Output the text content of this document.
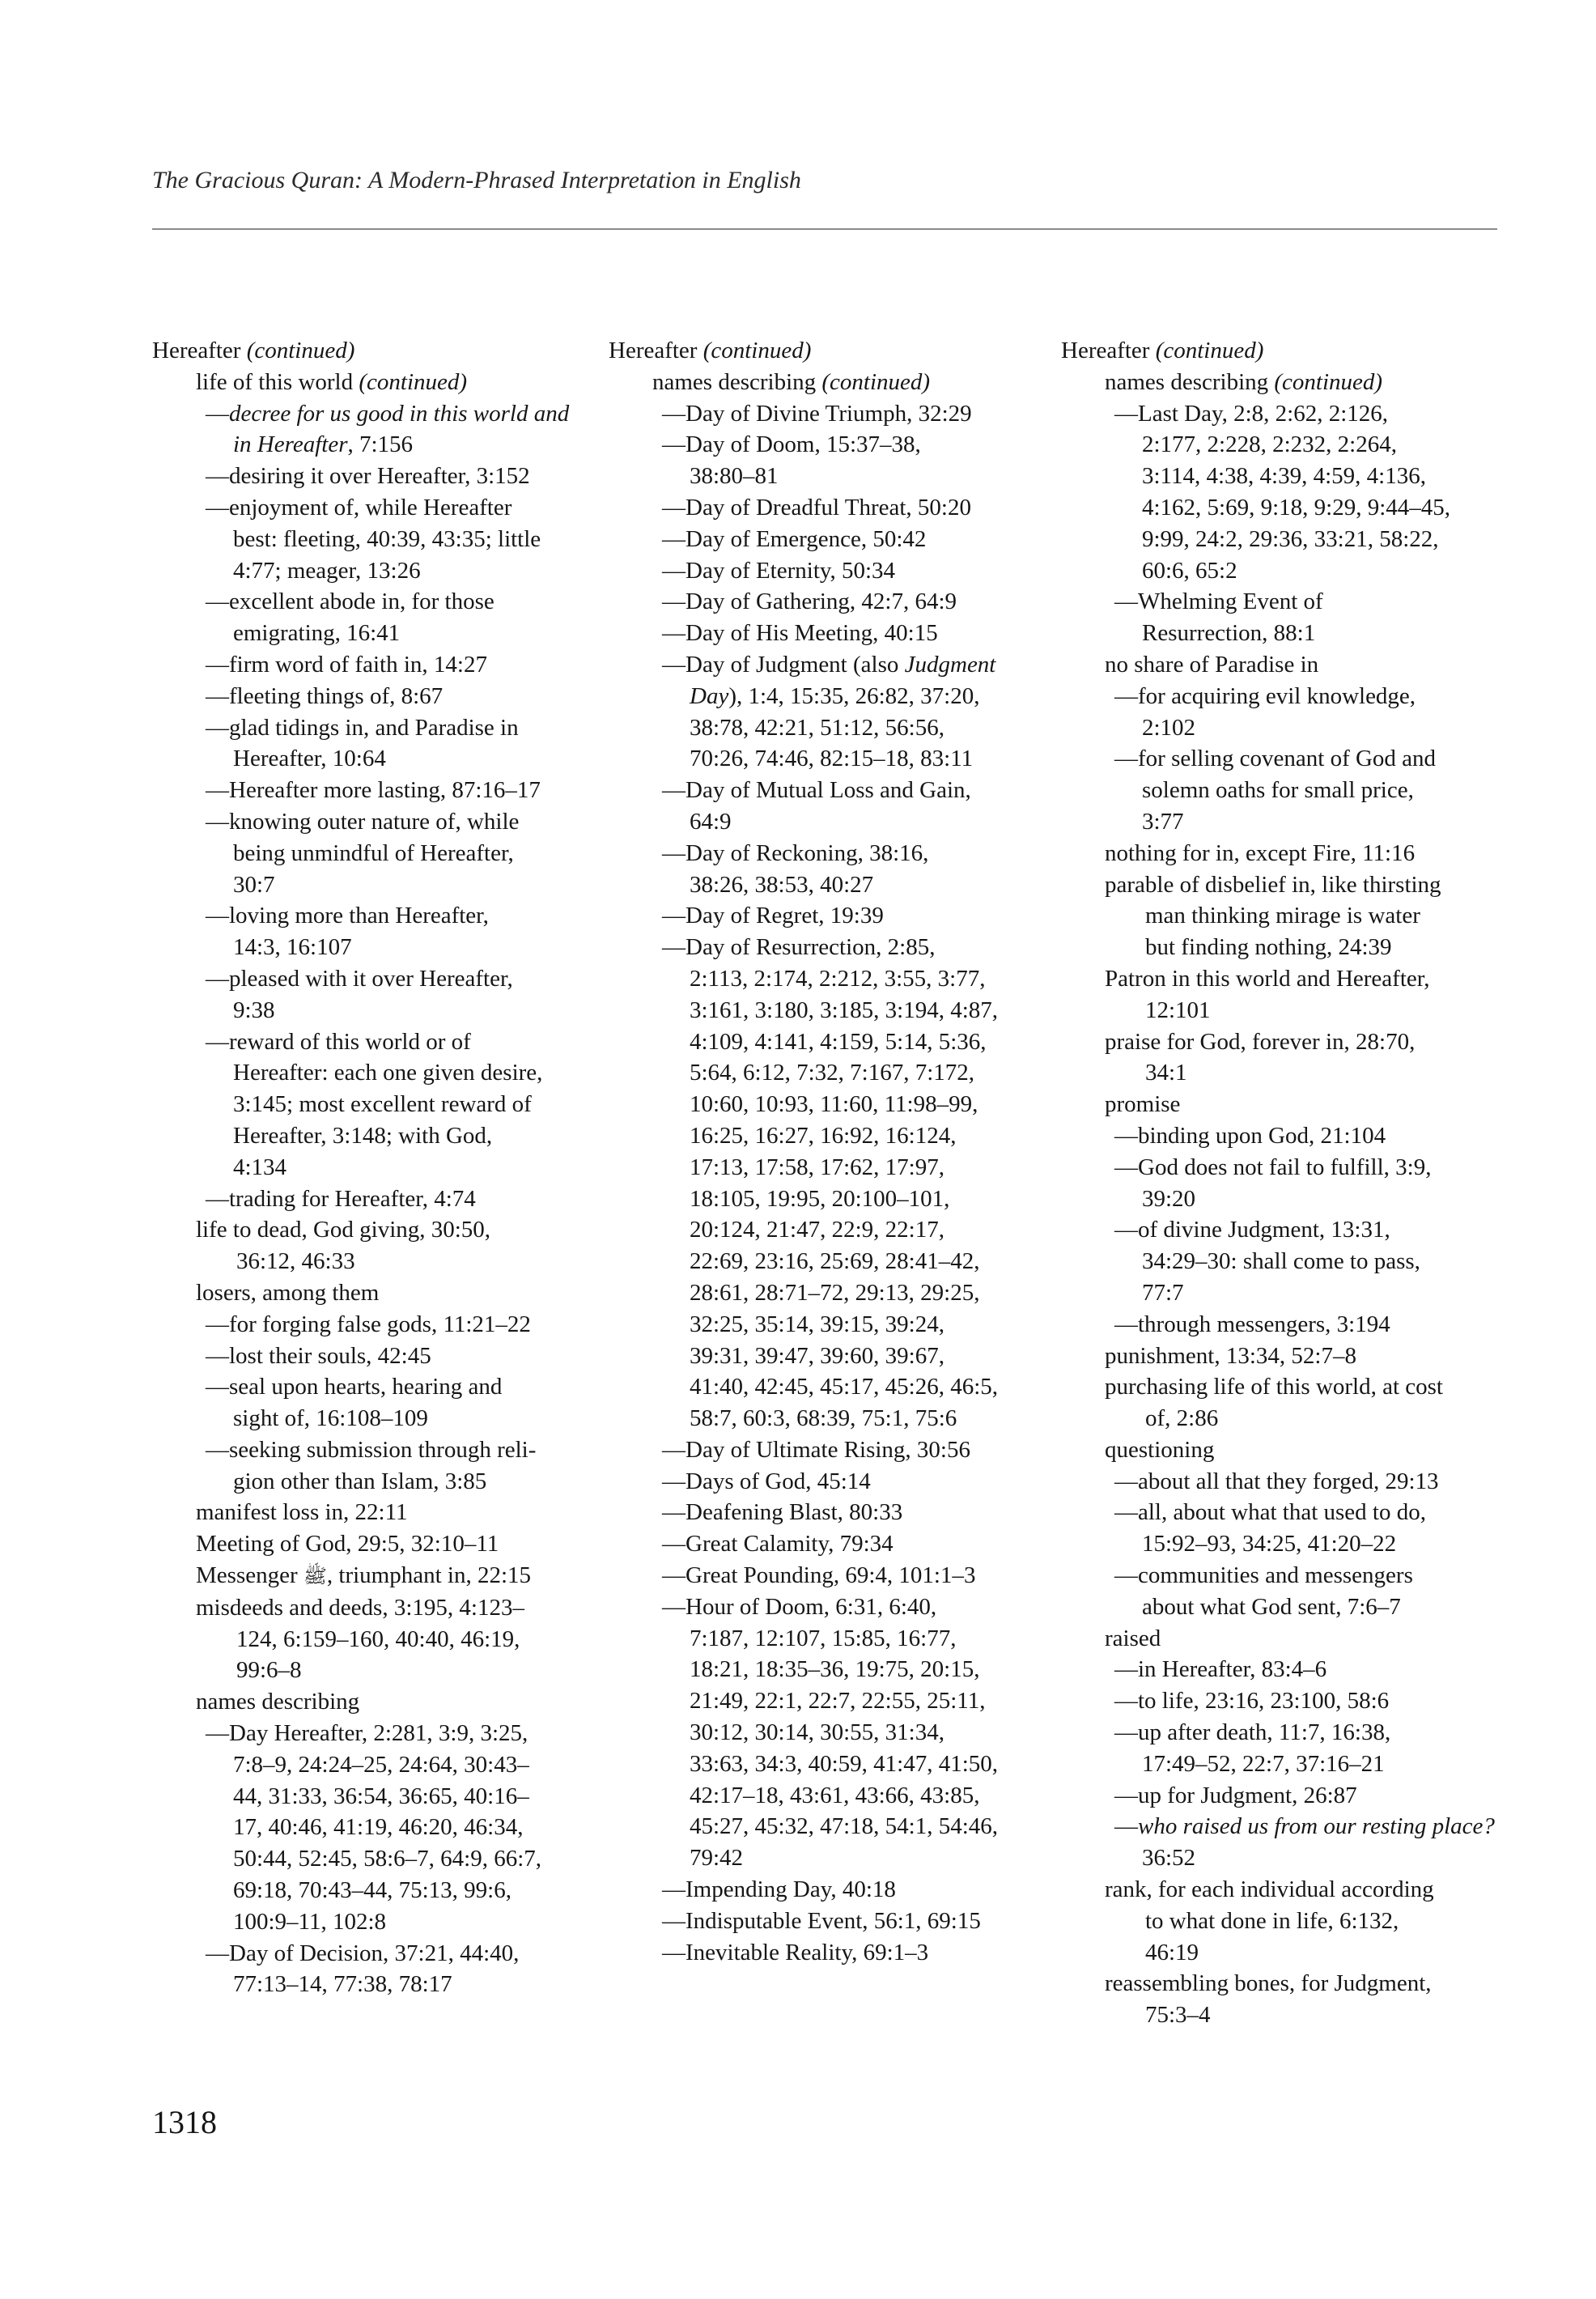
The Gracious Quran: A Modern-Phrased Interpretation in English
Hereafter (continued)
life of this world (continued)
—decree for us good in this world and
in Hereafter, 7:156
—desiring it over Hereafter, 3:152
—enjoyment of, while Hereafter
best: fleeting, 40:39, 43:35; little
4:77; meager, 13:26
—excellent abode in, for those
emigrating, 16:41
—firm word of faith in, 14:27
—fleeting things of, 8:67
—glad tidings in, and Paradise in
Hereafter, 10:64
—Hereafter more lasting, 87:16–17
—knowing outer nature of, while
being unmindful of Hereafter,
30:7
—loving more than Hereafter,
14:3, 16:107
—pleased with it over Hereafter,
9:38
—reward of this world or of
Hereafter: each one given desire,
3:145; most excellent reward of
Hereafter, 3:148; with God,
4:134
—trading for Hereafter, 4:74
life to dead, God giving, 30:50,
36:12, 46:33
losers, among them
—for forging false gods, 11:21–22
—lost their souls, 42:45
—seal upon hearts, hearing and
sight of, 16:108–109
—seeking submission through reli-
gion other than Islam, 3:85
manifest loss in, 22:11
Meeting of God, 29:5, 32:10–11
Messenger ﷺ, triumphant in, 22:15
misdeeds and deeds, 3:195, 4:123–
124, 6:159–160, 40:40, 46:19,
99:6–8
names describing
—Day Hereafter, 2:281, 3:9, 3:25,
7:8–9, 24:24–25, 24:64, 30:43–
44, 31:33, 36:54, 36:65, 40:16–
17, 40:46, 41:19, 46:20, 46:34,
50:44, 52:45, 58:6–7, 64:9, 66:7,
69:18, 70:43–44, 75:13, 99:6,
100:9–11, 102:8
—Day of Decision, 37:21, 44:40,
77:13–14, 77:38, 78:17
Hereafter (continued)
names describing (continued)
—Day of Divine Triumph, 32:29
—Day of Doom, 15:37–38,
38:80–81
—Day of Dreadful Threat, 50:20
—Day of Emergence, 50:42
—Day of Eternity, 50:34
—Day of Gathering, 42:7, 64:9
—Day of His Meeting, 40:15
—Day of Judgment (also Judgment
Day), 1:4, 15:35, 26:82, 37:20,
38:78, 42:21, 51:12, 56:56,
70:26, 74:46, 82:15–18, 83:11
—Day of Mutual Loss and Gain,
64:9
—Day of Reckoning, 38:16,
38:26, 38:53, 40:27
—Day of Regret, 19:39
—Day of Resurrection, 2:85,
2:113, 2:174, 2:212, 3:55, 3:77,
3:161, 3:180, 3:185, 3:194, 4:87,
4:109, 4:141, 4:159, 5:14, 5:36,
5:64, 6:12, 7:32, 7:167, 7:172,
10:60, 10:93, 11:60, 11:98–99,
16:25, 16:27, 16:92, 16:124,
17:13, 17:58, 17:62, 17:97,
18:105, 19:95, 20:100–101,
20:124, 21:47, 22:9, 22:17,
22:69, 23:16, 25:69, 28:41–42,
28:61, 28:71–72, 29:13, 29:25,
32:25, 35:14, 39:15, 39:24,
39:31, 39:47, 39:60, 39:67,
41:40, 42:45, 45:17, 45:26, 46:5,
58:7, 60:3, 68:39, 75:1, 75:6
—Day of Ultimate Rising, 30:56
—Days of God, 45:14
—Deafening Blast, 80:33
—Great Calamity, 79:34
—Great Pounding, 69:4, 101:1–3
—Hour of Doom, 6:31, 6:40,
7:187, 12:107, 15:85, 16:77,
18:21, 18:35–36, 19:75, 20:15,
21:49, 22:1, 22:7, 22:55, 25:11,
30:12, 30:14, 30:55, 31:34,
33:63, 34:3, 40:59, 41:47, 41:50,
42:17–18, 43:61, 43:66, 43:85,
45:27, 45:32, 47:18, 54:1, 54:46,
79:42
—Impending Day, 40:18
—Indisputable Event, 56:1, 69:15
—Inevitable Reality, 69:1–3
Hereafter (continued)
names describing (continued)
—Last Day, 2:8, 2:62, 2:126,
2:177, 2:228, 2:232, 2:264,
3:114, 4:38, 4:39, 4:59, 4:136,
4:162, 5:69, 9:18, 9:29, 9:44–45,
9:99, 24:2, 29:36, 33:21, 58:22,
60:6, 65:2
—Whelming Event of
Resurrection, 88:1
no share of Paradise in
—for acquiring evil knowledge,
2:102
—for selling covenant of God and
solemn oaths for small price,
3:77
nothing for in, except Fire, 11:16
parable of disbelief in, like thirsting
man thinking mirage is water
but finding nothing, 24:39
Patron in this world and Hereafter,
12:101
praise for God, forever in, 28:70,
34:1
promise
—binding upon God, 21:104
—God does not fail to fulfill, 3:9,
39:20
—of divine Judgment, 13:31,
34:29–30: shall come to pass,
77:7
—through messengers, 3:194
punishment, 13:34, 52:7–8
purchasing life of this world, at cost
of, 2:86
questioning
—about all that they forged, 29:13
—all, about what that used to do,
15:92–93, 34:25, 41:20–22
—communities and messengers
about what God sent, 7:6–7
raised
—in Hereafter, 83:4–6
—to life, 23:16, 23:100, 58:6
—up after death, 11:7, 16:38,
17:49–52, 22:7, 37:16–21
—up for Judgment, 26:87
—who raised us from our resting place?
36:52
rank, for each individual according
to what done in life, 6:132,
46:19
reassembling bones, for Judgment,
75:3–4
1318
